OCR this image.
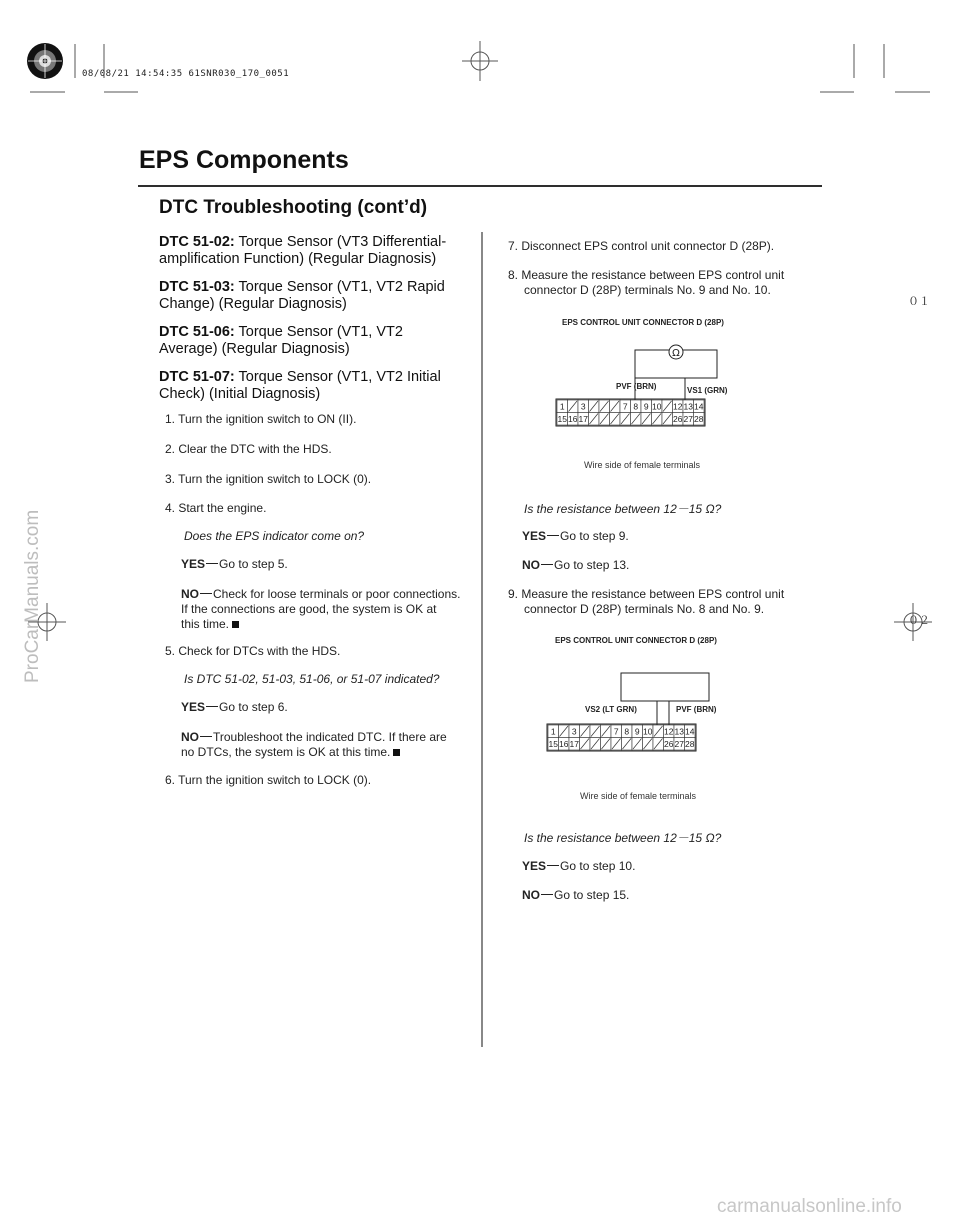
08/08/21 14:54:35 61SNR030_170_0051
EPS Components
DTC Troubleshooting (cont’d)
０１
０２
DTC 51-02: Torque Sensor (VT3 Differential-
amplification Function) (Regular Diagnosis)
DTC 51-03: Torque Sensor (VT1, VT2 Rapid
Change) (Regular Diagnosis)
DTC 51-06: Torque Sensor (VT1, VT2
Average) (Regular Diagnosis)
DTC 51-07: Torque Sensor (VT1, VT2 Initial
Check) (Initial Diagnosis)
1. Turn the ignition switch to ON (II).
2. Clear the DTC with the HDS.
3. Turn the ignition switch to LOCK (0).
4. Start the engine.
Does the EPS indicator come on?
YES Go to step 5.
NO Check for loose terminals or poor connections.
If the connections are good, the system is OK at
this time.
5. Check for DTCs with the HDS.
Is DTC 51-02, 51-03, 51-06, or 51-07 indicated?
YES Go to step 6.
NO Troubleshoot the indicated DTC. If there are
no DTCs, the system is OK at this time.
6. Turn the ignition switch to LOCK (0).
7. Disconnect EPS control unit connector D (28P).
8. Measure the resistance between EPS control unit
connector D (28P) terminals No. 9 and No. 10.
EPS CONTROL UNIT CONNECTOR D (28P)
Ω
1 3	7 8 9 10 12 13 14
15 16 17	26 27 28
PVF (BRN)	VS1 (GRN)
Wire side of female terminals
Is the resistance between 12－15 Ω?
YES Go to step 9.
NO Go to step 13.
9. Measure the resistance between EPS control unit
connector D (28P) terminals No. 8 and No. 9.
EPS CONTROL UNIT CONNECTOR D (28P)
1 3	7 8 9 10 12 13 14
15 16 17	26 27 28
VS2 (LT GRN)	PVF (BRN)
Wire side of female terminals
Is the resistance between 12－15 Ω?
YES Go to step 10.
NO Go to step 15.
ProCarManuals.com
carmanualsonline.info
